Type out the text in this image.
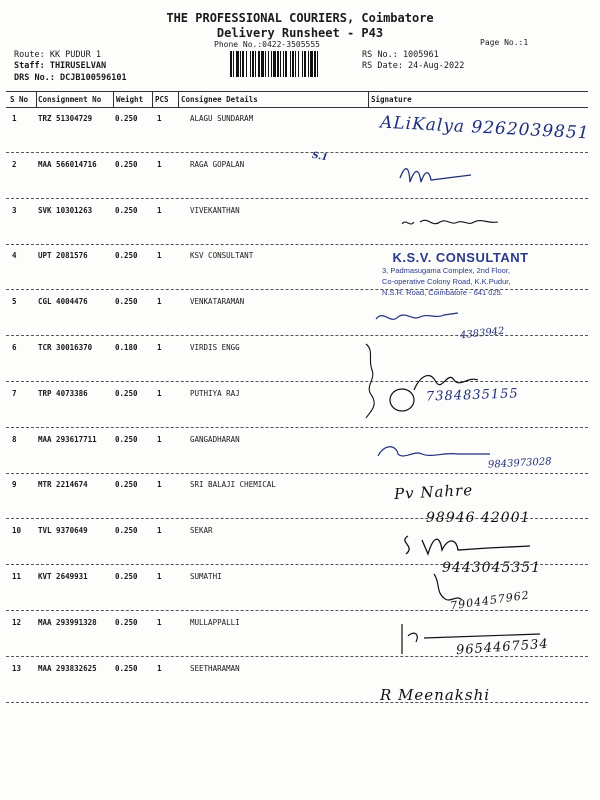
THE PROFESSIONAL COURIERS, Coimbatore
Delivery Runsheet - P43
Phone No.:0422-3505555	Page No.:1
Route: KK PUDUR 1
Staff: THIRUSELVAN
DRS No.: DCJB100596101
RS No.: 1005961
RS Date: 24-Aug-2022
S No Consignment No Weight PCS Consignee Details	Signature
1	TRZ 51304729	0.250	1	ALAGU SUNDARAM
2	MAA 566014716 0.250	1	RAGA GOPALAN
3	SVK 10301263	0.250	1	VIVEKANTHAN
4	UPT 2081576	0.250	1	KSV CONSULTANT
5	CGL 4004476	0.250	1	VENKATARAMAN
6	TCR 30016370	0.180	1	VIRDIS ENGG
7	TRP 4073386	0.250	1	PUTHIYA RAJ
8	MAA 293617711 0.250	1	GANGADHARAN
9	MTR 2214674	0.250	1	SRI BALAJI CHEMICAL
10 TVL 9370649	0.250	1	SEKAR
11 KVT 2649931	0.250	1	SUMATHI
12 MAA 293991328 0.250	1	MULLAPPALLI
13 MAA 293832625 0.250	1	SEETHARAMAN
ALiKalya 9262039851
S.1
4383942
7384835155
9843973028
Pv Nahre
98946 42001
9443045351
7904457962
9654467534
R Meenakshi
K.S.V. CONSULTANT
3, Padmasugama Complex, 2nd Floor,
Co-operative Colony Road, K.K.Pudur,
N.S.R. Road, Coimbatore - 641 025.
